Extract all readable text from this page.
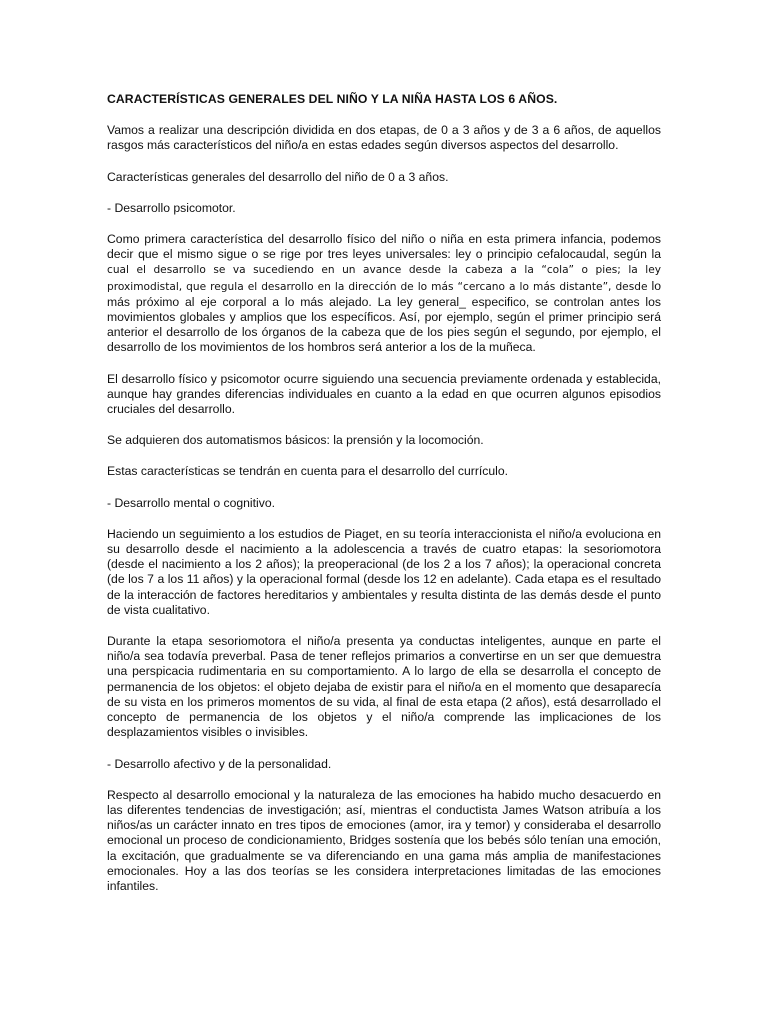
CARACTERÍSTICAS GENERALES DEL NIÑO Y LA NIÑA HASTA LOS 6 AÑOS.

Vamos a realizar una descripción dividida en dos etapas, de 0 a 3 años y de 3 a 6 años, de aquellos rasgos más característicos del niño/a en estas edades según diversos aspectos del desarrollo.

Características generales del desarrollo del niño de 0 a 3 años.

- Desarrollo psicomotor.

Como primera característica del desarrollo físico del niño o niña en esta primera infancia, podemos decir que el mismo sigue o se rige por tres leyes universales: ley o principio cefalocaudal, según la cual el desarrollo se va sucediendo en un avance desde la cabeza a la “cola” o pies; la ley proximodistal, que regula el desarrollo en la dirección de lo más “cercano a lo más distante”, desde lo más próximo al eje corporal a lo más alejado. La ley general_ especifico, se controlan antes los movimientos globales y amplios que los específicos. Así, por ejemplo, según el primer principio será anterior el desarrollo de los órganos de la cabeza que de los pies según el segundo, por ejemplo, el desarrollo de los movimientos de los hombros será anterior a los de la muñeca.

El desarrollo físico y psicomotor ocurre siguiendo una secuencia previamente ordenada y establecida, aunque hay grandes diferencias individuales en cuanto a la edad en que ocurren algunos episodios cruciales del desarrollo.

Se adquieren dos automatismos básicos: la prensión y la locomoción.

Estas características se tendrán en cuenta para el desarrollo del currículo.

- Desarrollo mental o cognitivo.

Haciendo un seguimiento a los estudios de Piaget, en su teoría interaccionista el niño/a evoluciona en su desarrollo desde el nacimiento a la adolescencia a través de cuatro etapas: la sesoriomotora (desde el nacimiento a los 2 años); la preoperacional (de los 2 a los 7 años); la operacional concreta (de los 7 a los 11 años) y la operacional formal (desde los 12 en adelante). Cada etapa es el resultado de la interacción de factores hereditarios y ambientales y resulta distinta de las demás desde el punto de vista cualitativo.

Durante la etapa sesoriomotora el niño/a presenta ya conductas inteligentes, aunque en parte el niño/a sea todavía preverbal. Pasa de tener reflejos primarios a convertirse en un ser que demuestra una perspicacia rudimentaria en su comportamiento. A lo largo de ella se desarrolla el concepto de permanencia de los objetos: el objeto dejaba de existir para el niño/a en el momento que desaparecía de su vista en los primeros momentos de su vida, al final de esta etapa (2 años), está desarrollado el concepto de permanencia de los objetos y el niño/a comprende las implicaciones de los desplazamientos visibles o invisibles.

- Desarrollo afectivo y de la personalidad.

Respecto al desarrollo emocional y la naturaleza de las emociones ha habido mucho desacuerdo en las diferentes tendencias de investigación; así, mientras el conductista James Watson atribuía a los niños/as un carácter innato en tres tipos de emociones (amor, ira y temor) y consideraba el desarrollo emocional un proceso de condicionamiento, Bridges sostenía que los bebés sólo tenían una emoción, la excitación, que gradualmente se va diferenciando en una gama más amplia de manifestaciones emocionales. Hoy a las dos teorías se les considera interpretaciones limitadas de las emociones infantiles.
